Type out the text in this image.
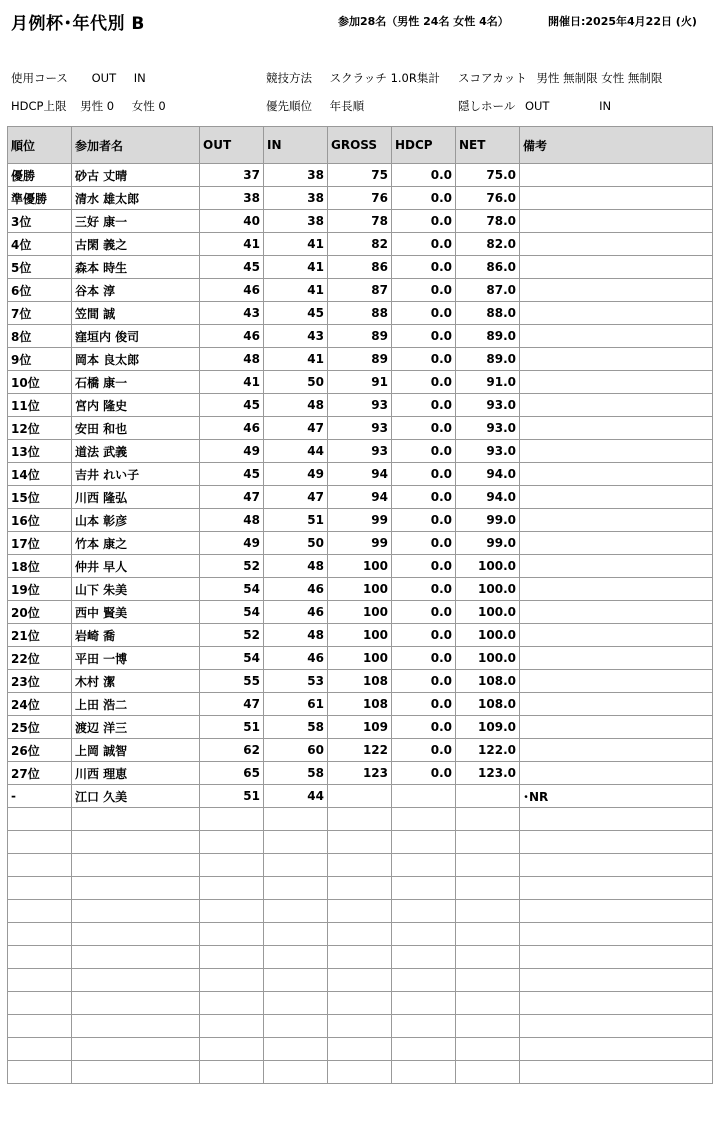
月例杯･年代別 B	参加28名（男性 24名 女性 4名）	開催日:2025年4月22日 (火)
使用コース OUT IN	競技方法 スクラッチ 1.0R集計 スコアカット 男性 無制限 女性 無制限
HDCP上限 男性 0 女性 0	優先順位 年長順	隠しホール OUT	IN
順位	参加者名	OUT	IN	GROSS	HDCP	NET	備考
優勝	砂古 丈晴	37	38	75	0.0	75.0	
準優勝	清水 雄太郎	38	38	76	0.0	76.0	
3位	三好 康一	40	38	78	0.0	78.0	
4位	古閑 義之	41	41	82	0.0	82.0	
5位	森本 時生	45	41	86	0.0	86.0	
6位	谷本 淳	46	41	87	0.0	87.0	
7位	笠間 誠	43	45	88	0.0	88.0	
8位	窪垣内 俊司	46	43	89	0.0	89.0	
9位	岡本 良太郎	48	41	89	0.0	89.0	
10位	石橋 康一	41	50	91	0.0	91.0	
11位	宮内 隆史	45	48	93	0.0	93.0	
12位	安田 和也	46	47	93	0.0	93.0	
13位	道法 武義	49	44	93	0.0	93.0	
14位	吉井 れい子	45	49	94	0.0	94.0	
15位	川西 隆弘	47	47	94	0.0	94.0	
16位	山本 彰彦	48	51	99	0.0	99.0	
17位	竹本 康之	49	50	99	0.0	99.0	
18位	仲井 早人	52	48	100	0.0	100.0	
19位	山下 朱美	54	46	100	0.0	100.0	
20位	西中 賢美	54	46	100	0.0	100.0	
21位	岩崎 喬	52	48	100	0.0	100.0	
22位	平田 一博	54	46	100	0.0	100.0	
23位	木村 潔	55	53	108	0.0	108.0	
24位	上田 浩二	47	61	108	0.0	108.0	
25位	渡辺 洋三	51	58	109	0.0	109.0	
26位	上岡 誠智	62	60	122	0.0	122.0	
27位	川西 理恵	65	58	123	0.0	123.0	
-	江口 久美	51	44				･NR
